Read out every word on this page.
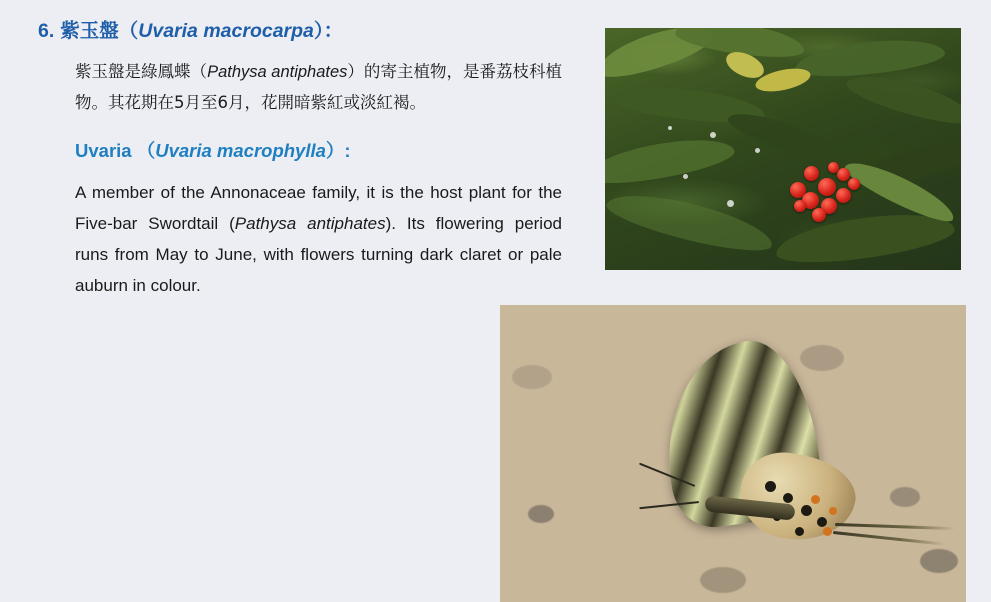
6. 紫玉盤（Uvaria macrocarpa）：

紫玉盤是綠鳳蝶（Pathysa antiphates）的寄主植物，是番荔枝科植物。其花期在5月至6月，花開暗紫紅或淡紅褐。

Uvaria （Uvaria macrophylla）:

A member of the Annonaceae family, it is the host plant for the Five-bar Swordtail (Pathysa antiphates). Its flowering period runs from May to June, with flowers turning dark claret or pale auburn in colour.
